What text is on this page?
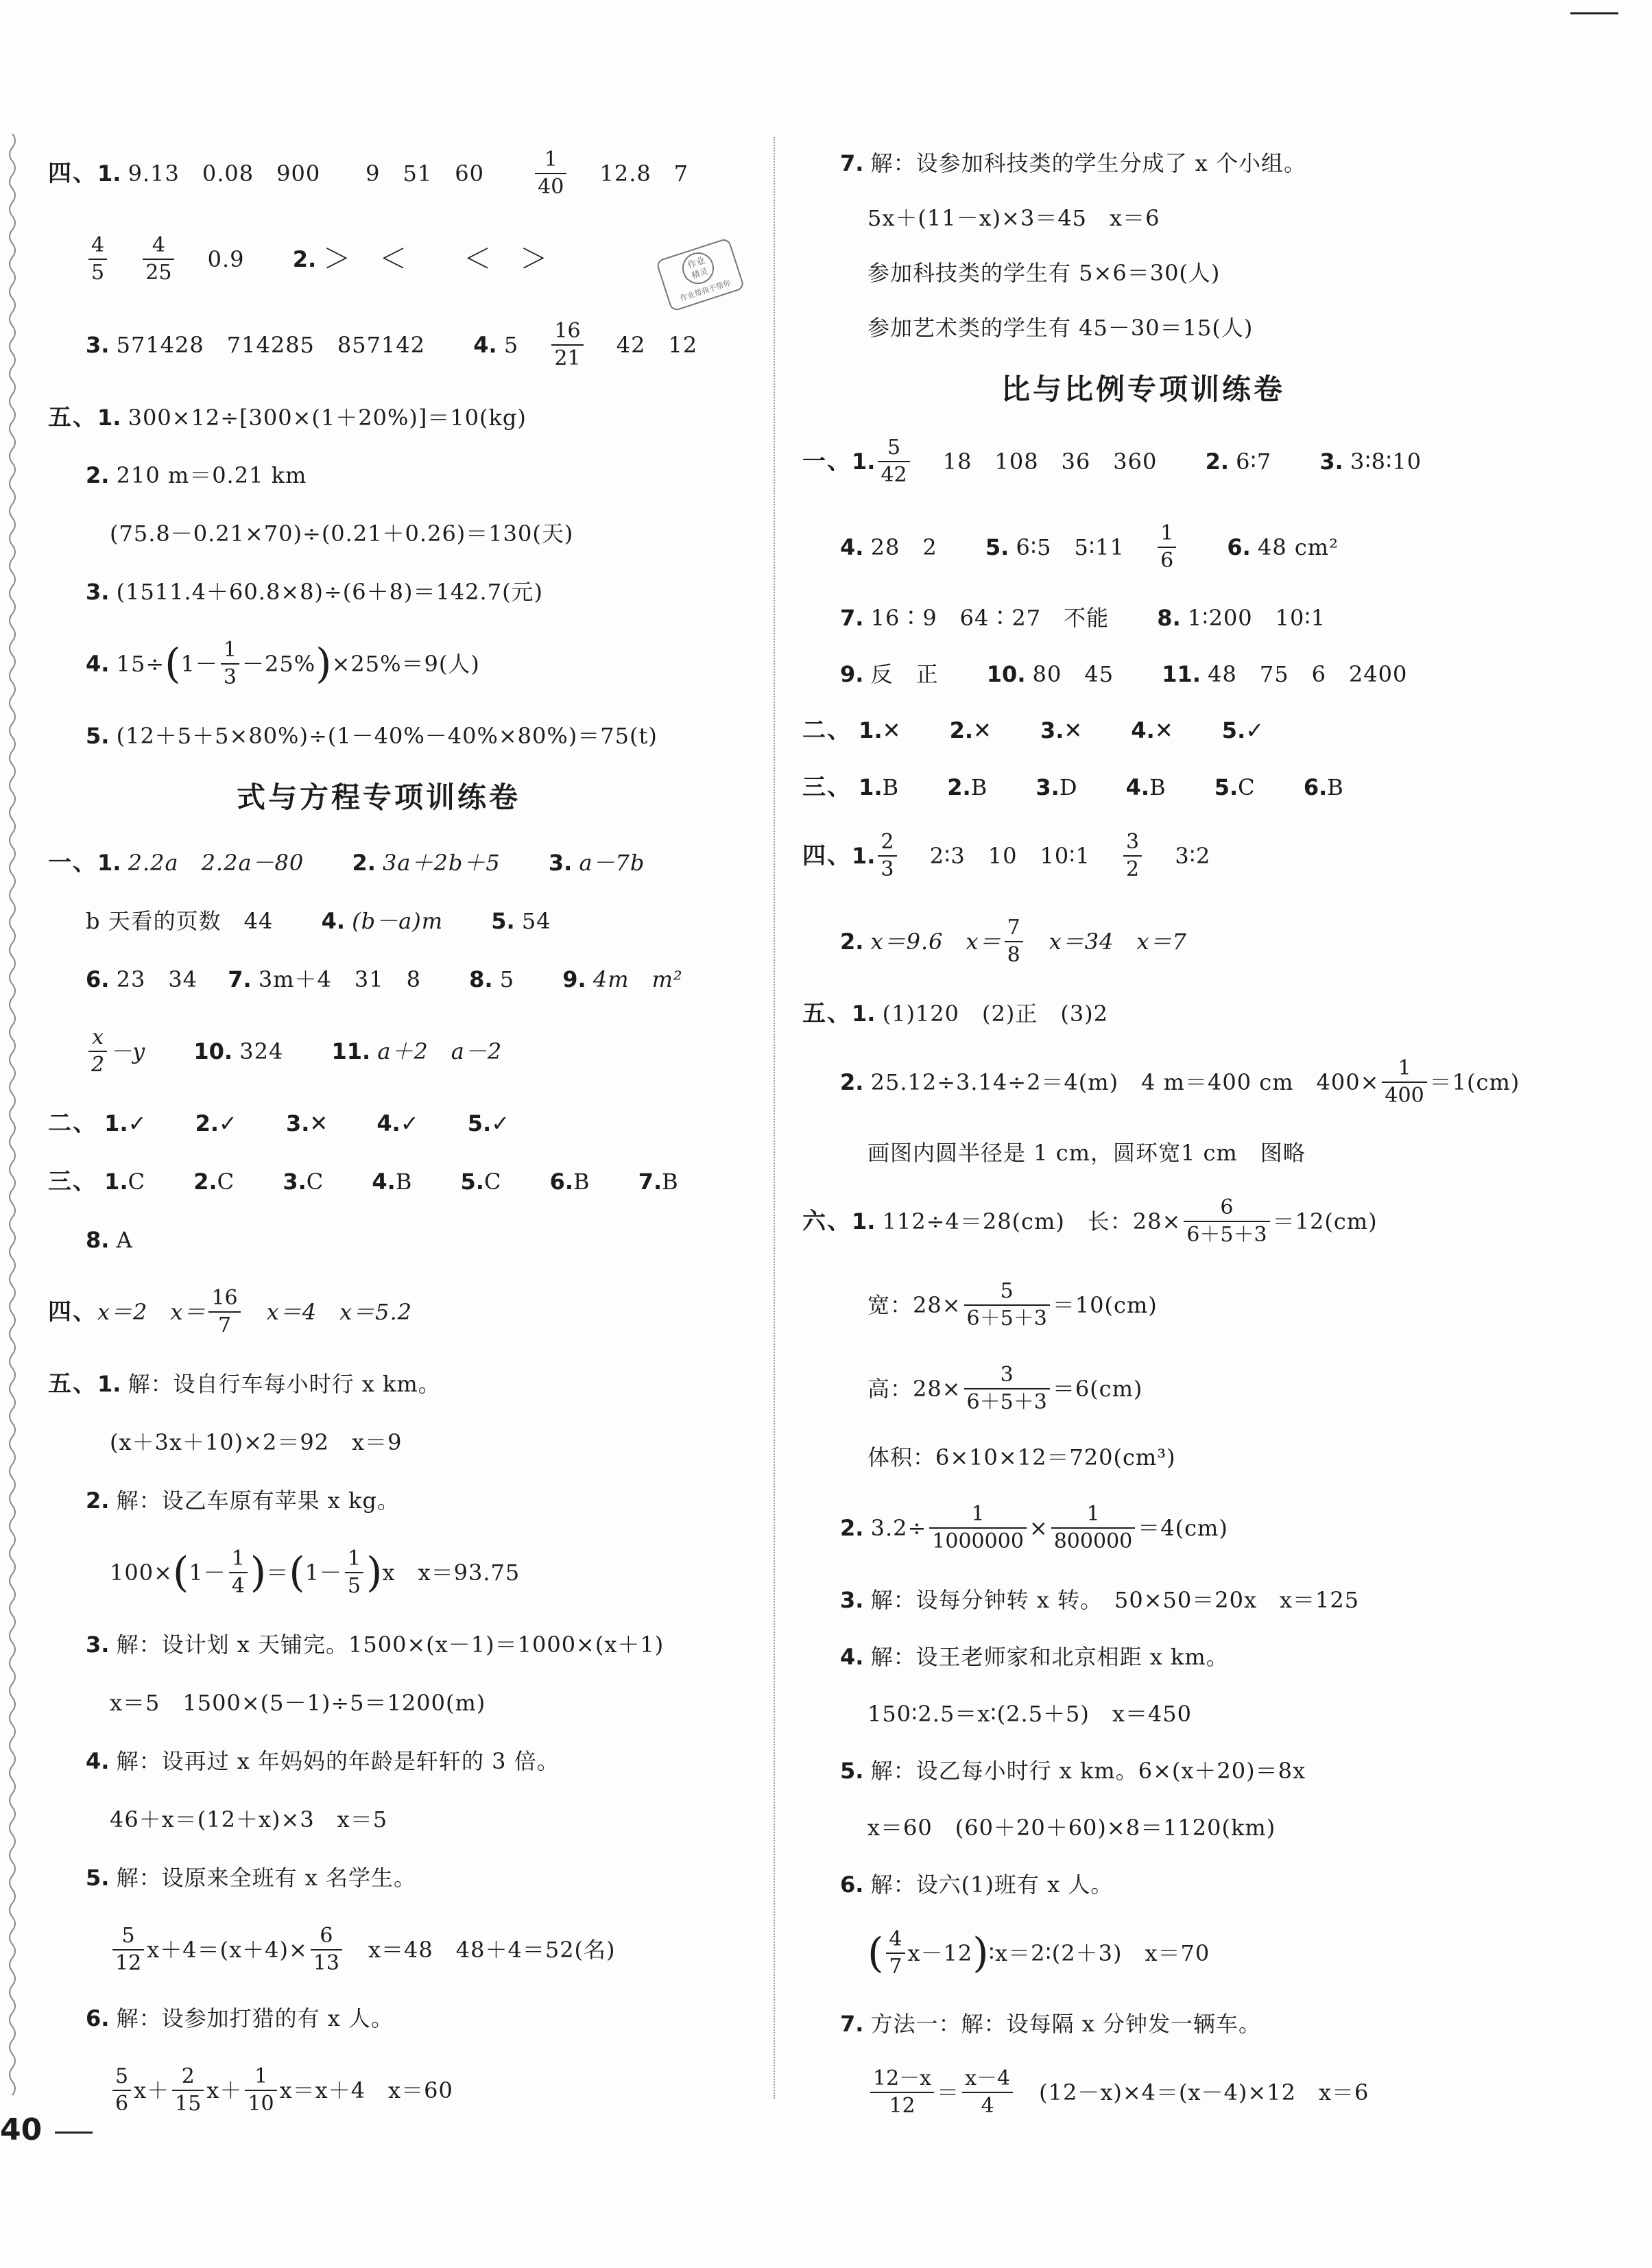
作业
精灵
作业帮我不帮你
四、1. 9.13　0.08　900　　9　51　$60 \frac{1}{40} 12.8$　7
$\frac{4}{5}$
$\frac{4}{25} 0.9$ 2. ＞　＜　　＜　＞
3. 571428　714285　857142 4. $5 \frac{16}{21} 42$　12
五、1. 300×12÷[300×(1＋20%)]＝10(kg)
2. 210 m＝0.21 km
(75.8－0.21×70)÷(0.21＋0.26)＝130(天)
3. (1511.4＋60.8×8)÷(6＋8)＝142.7(元)
4. $15\div(1- \frac{1}{3} -25\%)\times 25\%=9$(人)
5. (12＋5＋5×80%)÷(1－40%－40%×80%)＝75(t)
式与方程专项训练卷
一、1. 2.2a　2.2a－80 2. 3a＋2b＋5 3. a－7b
b 天看的页数　44 4. (b－a)m 5. 54
6. 23　34 7. 3m＋4　31　8 8. 5 9. 4m　m²
$\frac{x}{2} -y$ 10. 324 11. a＋2　a－2
二、 1.✓ 2.✓ 3.✕ 4.✓ 5.✓
三、 1.C 2.C 3.C 4.B 5.C 6.B 7.B
8. A
四、x＝2　$x= \frac{16}{7} x=4$　x＝5.2
五、1. 解：设自行车每小时行 x km。
(x＋3x＋10)×2＝92　x＝9
2. 解：设乙车原有苹果 x kg。
$100\times(1- \frac{1}{4} )=(1- \frac{1}{5} )x$　x＝93.75
3. 解：设计划 x 天铺完。1500×(x－1)＝1000×(x＋1)
x＝5　1500×(5－1)÷5＝1200(m)
4. 解：设再过 x 年妈妈的年龄是轩轩的 3 倍。
46＋x＝(12＋x)×3　x＝5
5. 解：设原来全班有 x 名学生。
$\frac{5}{12} x+4=(x+4)\times \frac{6}{13} x=48$　48＋4＝52(名)
6. 解：设参加打猎的有 x 人。
$\frac{5}{6} x+ \frac{2}{15} x+ \frac{1}{10} x=x+4$　x＝60
7. 解：设参加科技类的学生分成了 x 个小组。
5x＋(11－x)×3＝45　x＝6
参加科技类的学生有 5×6＝30(人)
参加艺术类的学生有 45－30＝15(人)
比与比例专项训练卷
一、1. $\frac{5}{42} 18$　108　36　360 2. 6∶7 3. 3∶8∶10
4. 28　2 5. 6∶5　5∶11 $\frac{1}{6} 6$. 48 cm²
7. 16∶9　64∶27　不能 8. 1∶200　10∶1
9. 反　正 10. 80　45 11. 48　75　6　2400
二、 1.✕ 2.✕ 3.✕ 4.✕ 5.✓
三、 1.B 2.B 3.D 4.B 5.C 6.B
四、1. $\frac{2}{3}$ 2∶3　10　10∶1 $\frac{3}{2}$ 3∶2
2. x＝9.6　$x= \frac{7}{8} x=34$　x＝7
五、1. (1)120　(2)正　(3)2
2. 25.12÷3.14÷2＝4(m)　4 m＝400 cm　$400\times \frac{1}{400} =1(cm)$
画图内圆半径是 1 cm，圆环宽1 cm　图略
六、1. 112÷4＝28(cm)　长：$28\times \frac{6}{6+5+3} =12(cm)$
宽：$28\times \frac{5}{6+5+3} =10(cm)$
高：$28\times \frac{3}{6+5+3} =6(cm)$
体积：6×10×12＝720(cm³)
2. $3.2\div \frac{1}{1000000} \times \frac{1}{800000} =4(cm)$
3. 解：设每分钟转 x 转。　50×50＝20x　x＝125
4. 解：设王老师家和北京相距 x km。
150∶2.5＝x∶(2.5＋5)　x＝450
5. 解：设乙每小时行 x km。6×(x＋20)＝8x
x＝60　(60＋20＋60)×8＝1120(km)
6. 解：设六(1)班有 x 人。
( $\frac{4}{7}$ x－12)∶x＝2∶(2＋3)　x＝70
7. 方法一：解：设每隔 x 分钟发一辆车。
$\frac{12-x}{12} = \frac{x-4}{4} (12-x)\times 4=(x-4)\times 12$　x＝6
40
